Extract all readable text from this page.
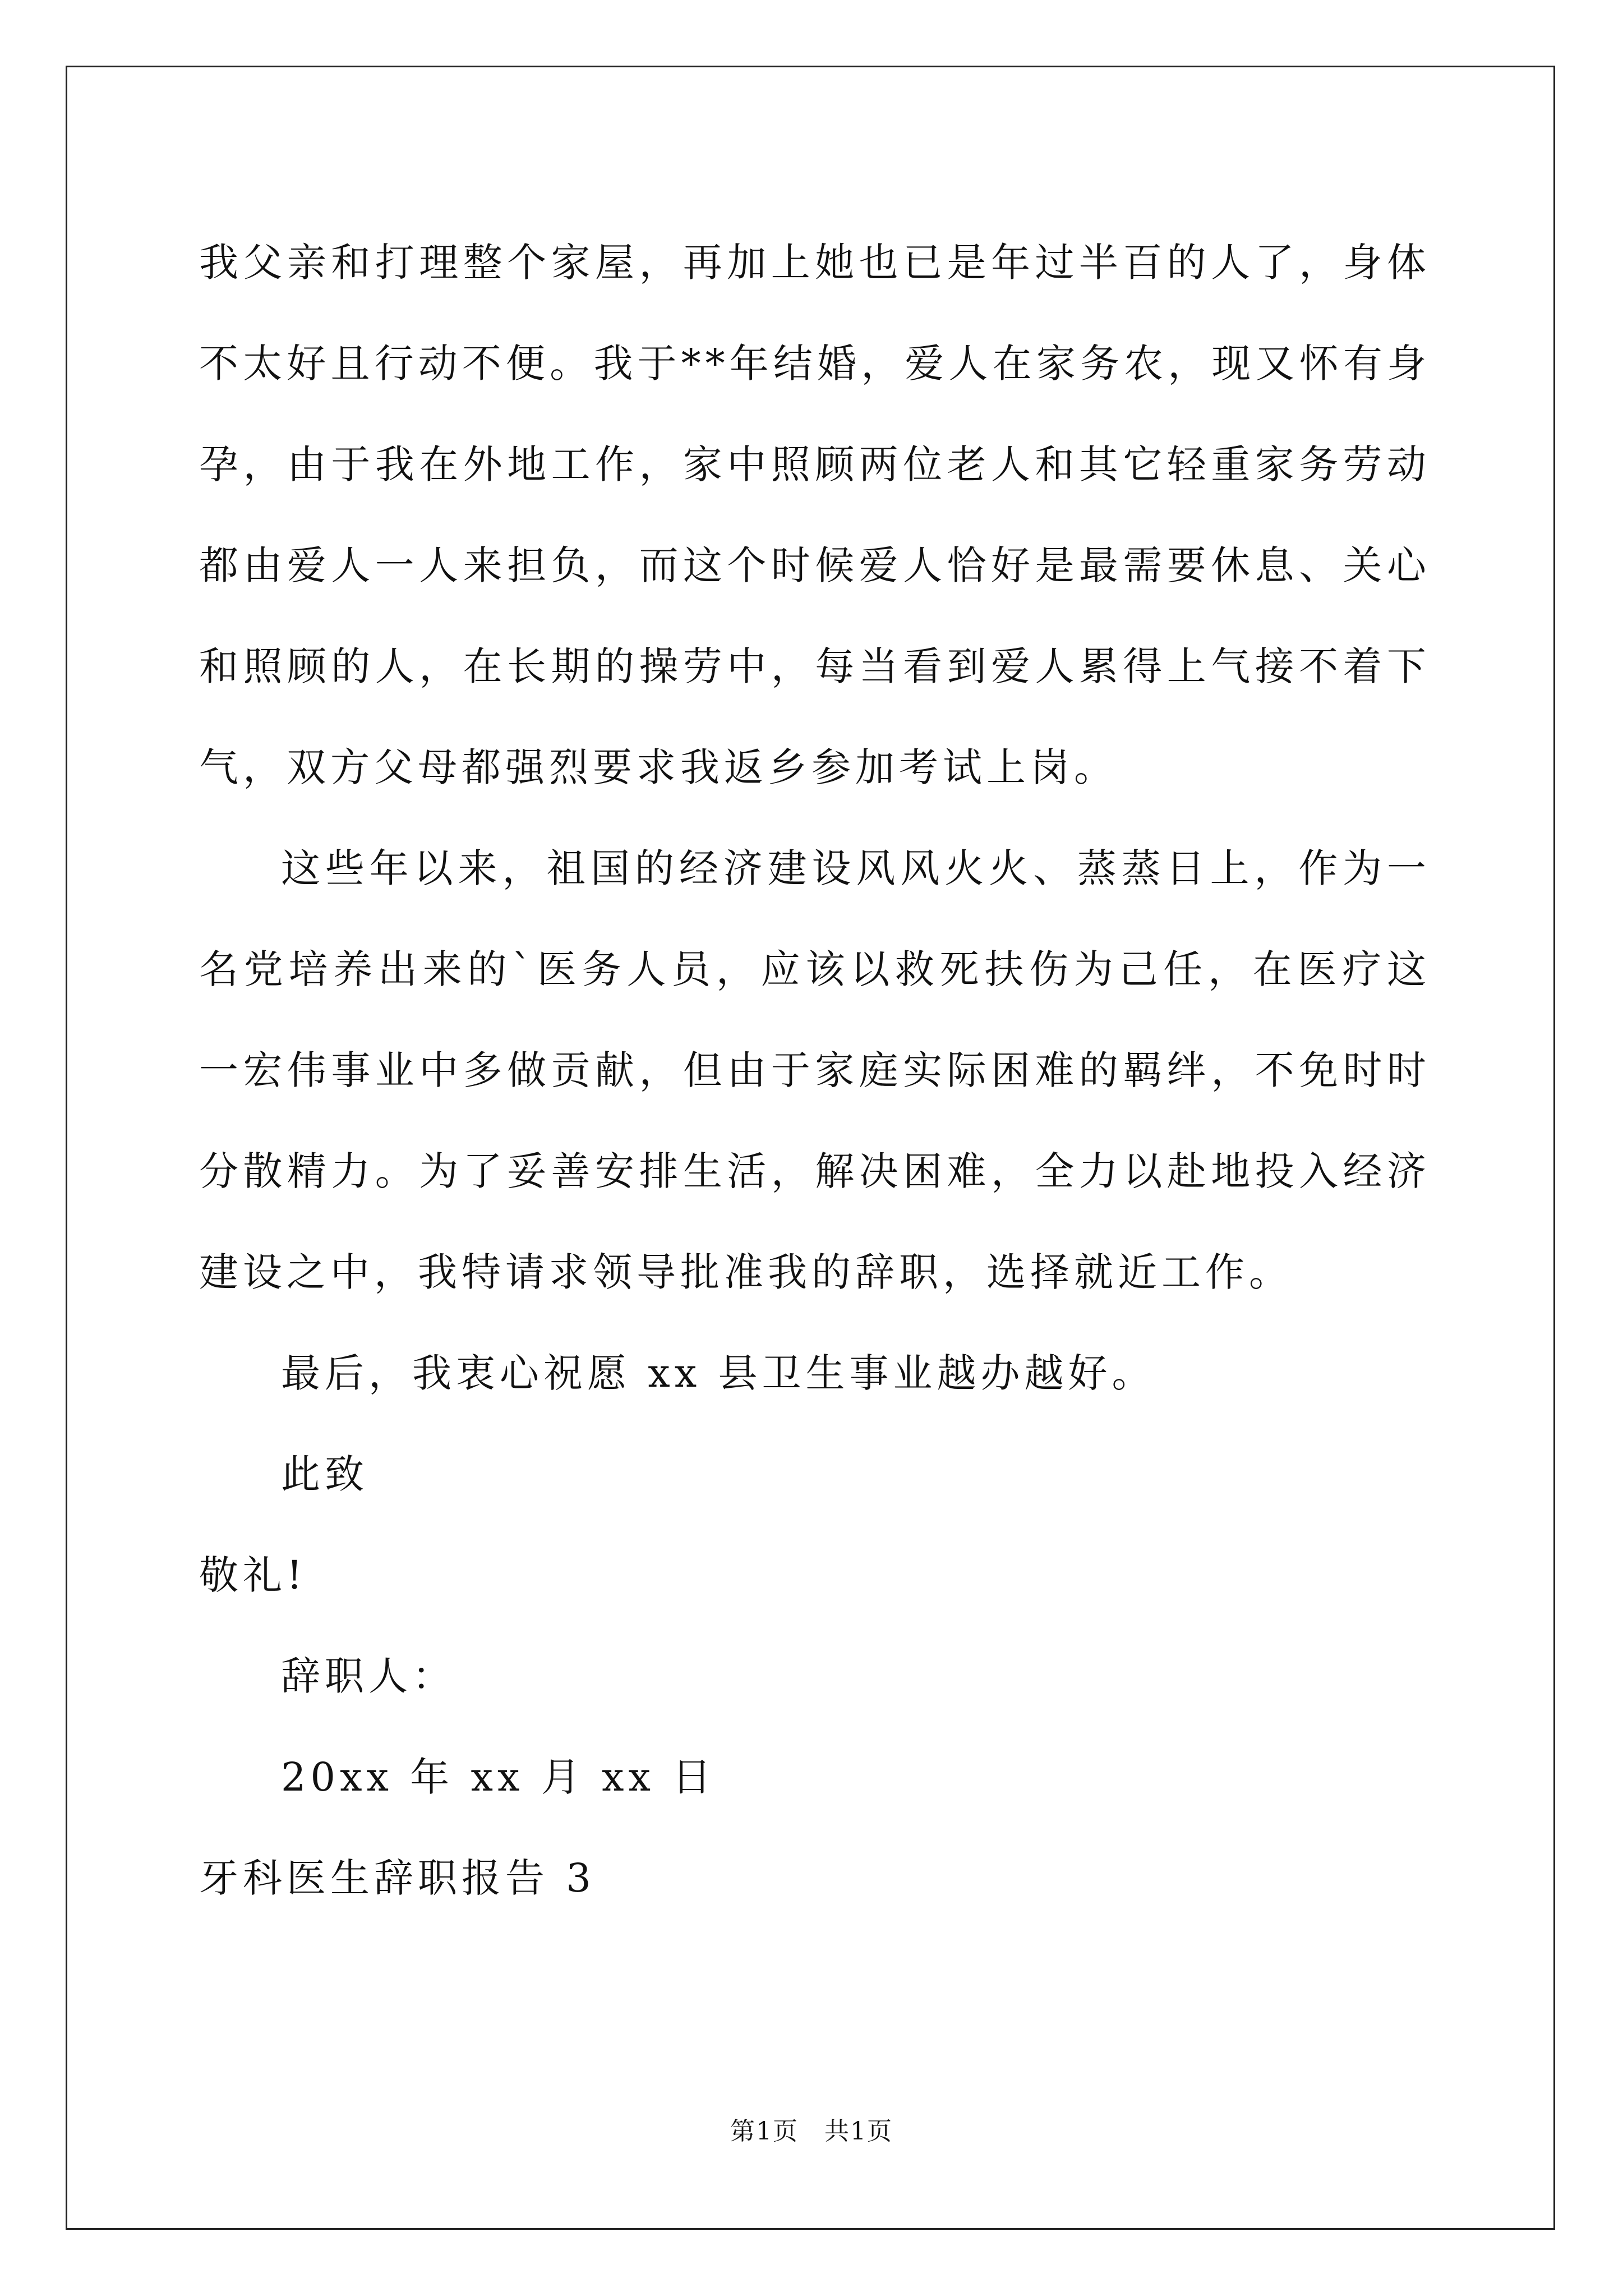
我父亲和打理整个家屋，再加上她也已是年过半百的人了，身体不太好且行动不便。我于**年结婚，爱人在家务农，现又怀有身孕，由于我在外地工作，家中照顾两位老人和其它轻重家务劳动都由爱人一人来担负，而这个时候爱人恰好是最需要休息、关心和照顾的人，在长期的操劳中，每当看到爱人累得上气接不着下气，双方父母都强烈要求我返乡参加考试上岗。

这些年以来，祖国的经济建设风风火火、蒸蒸日上，作为一名党培养出来的`医务人员，应该以救死扶伤为己任，在医疗这一宏伟事业中多做贡献，但由于家庭实际困难的羁绊，不免时时分散精力。为了妥善安排生活，解决困难，全力以赴地投入经济建设之中，我特请求领导批准我的辞职，选择就近工作。

最后，我衷心祝愿 xx 县卫生事业越办越好。

此致

敬礼!

辞职人：

20xx 年 xx 月 xx 日

牙科医生辞职报告 3

第1页　共1页
